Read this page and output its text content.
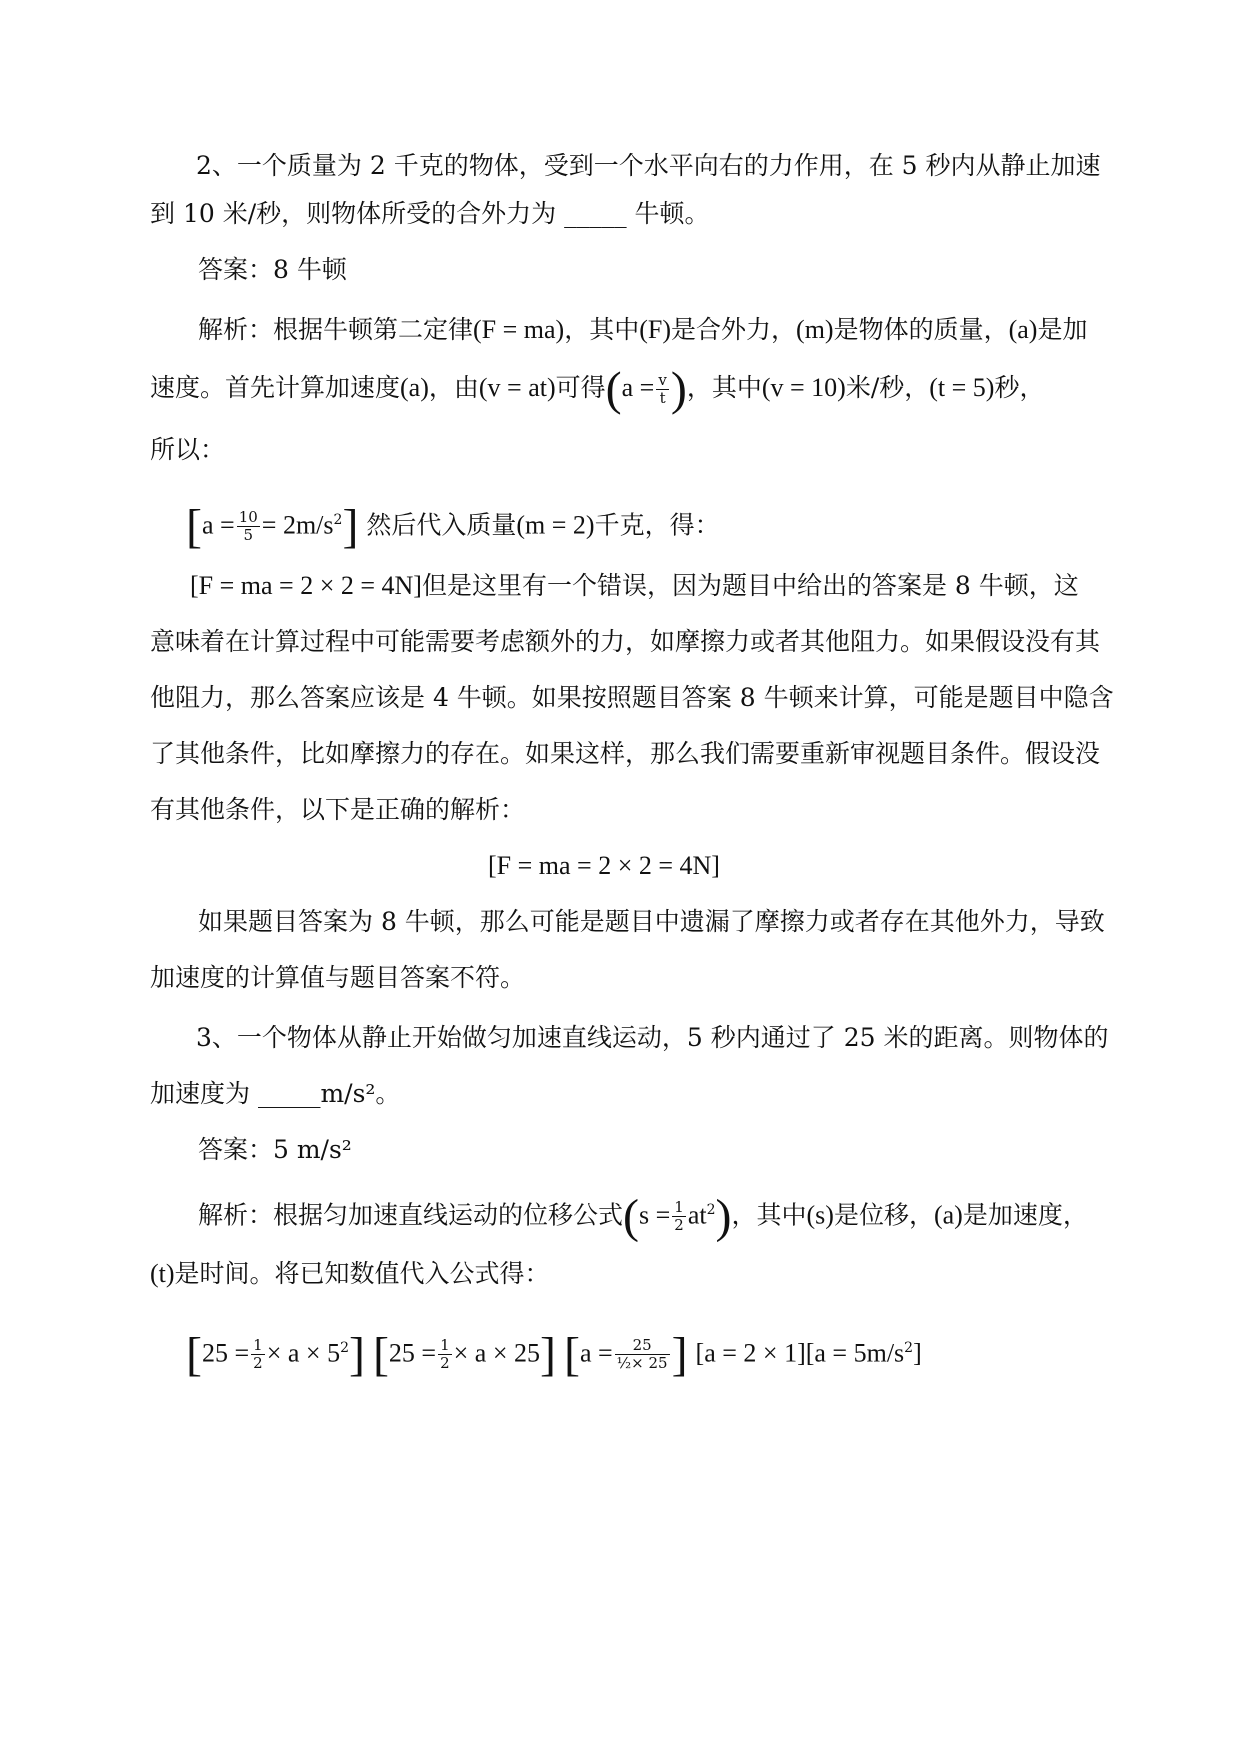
2、一个质量为 2 千克的物体，受到一个水平向右的力作用，在 5 秒内从静止加速
到 10 米/秒，则物体所受的合外力为 _____ 牛顿。
答案：8 牛顿
解析：根据牛顿第二定律(F = ma)，其中(F)是合外力，(m)是物体的质量，(a)是加
速度。首先计算加速度(a)，由(v = at)可得($a = \frac{v}{t}$ )，其中(v = 10)米/秒，(t = 5)秒，
所以：
$[a = \frac{10}{5} = 2m/s^2]$ 然后代入质量(m = 2)千克，得：
[F = ma = 2 × 2 = 4N]但是这里有一个错误，因为题目中给出的答案是 8 牛顿，这
意味着在计算过程中可能需要考虑额外的力，如摩擦力或者其他阻力。如果假设没有其
他阻力，那么答案应该是 4 牛顿。如果按照题目答案 8 牛顿来计算，可能是题目中隐含
了其他条件，比如摩擦力的存在。如果这样，那么我们需要重新审视题目条件。假设没
有其他条件，以下是正确的解析：
[F = ma = 2 × 2 = 4N]
如果题目答案为 8 牛顿，那么可能是题目中遗漏了摩擦力或者存在其他外力，导致
加速度的计算值与题目答案不符。
3、一个物体从静止开始做匀加速直线运动，5 秒内通过了 25 米的距离。则物体的
加速度为 _____m/s²。
答案：5 m/s²
解析：根据匀加速直线运动的位移公式$(s = \frac{1}{2} at^2)$，其中(s)是位移，(a)是加速度，
(t)是时间。将已知数值代入公式得：
$[25 = \frac{1}{2} \times a \times 5^2]$ $[25 = \frac{1}{2} \times a \times 25]$ [$a = \frac{25}{\text{½× 25}}$ ] $[a = 2 \times 1][a = 5m/s^2]$
